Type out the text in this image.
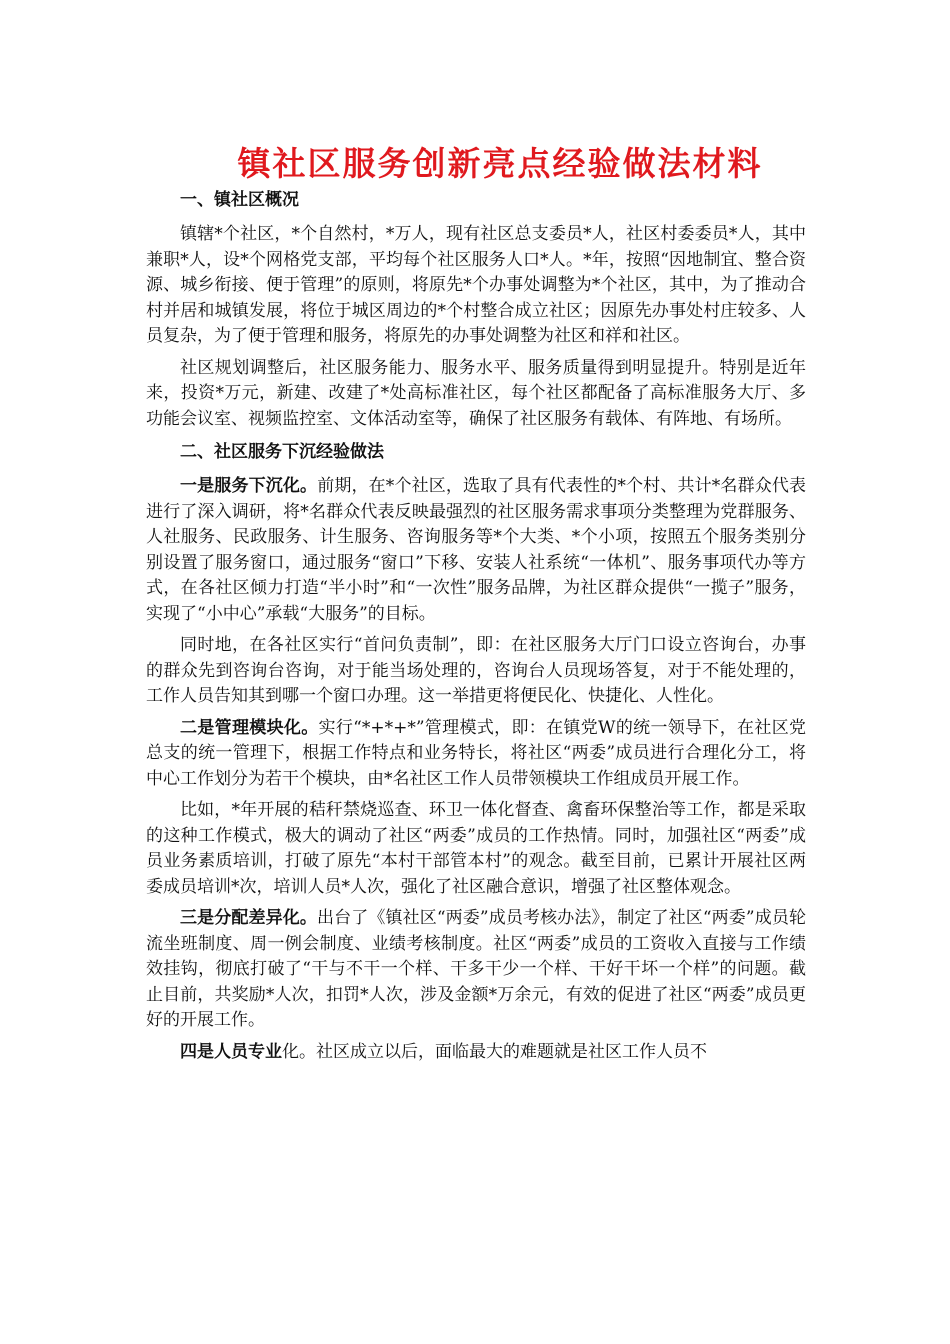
镇社区服务创新亮点经验做法材料
一、镇社区概况

镇辖*个社区，*个自然村，*万人，现有社区总支委员*人，社区村委委员*人，其中兼职*人，设*个网格党支部，平均每个社区服务人口*人。*年，按照“因地制宜、整合资源、城乡衔接、便于管理”的原则，将原先*个办事处调整为*个社区，其中，为了推动合村并居和城镇发展，将位于城区周边的*个村整合成立社区；因原先办事处村庄较多、人员复杂，为了便于管理和服务，将原先的办事处调整为社区和祥和社区。

社区规划调整后，社区服务能力、服务水平、服务质量得到明显提升。特别是近年来，投资*万元，新建、改建了*处高标准社区，每个社区都配备了高标准服务大厅、多功能会议室、视频监控室、文体活动室等，确保了社区服务有载体、有阵地、有场所。

二、社区服务下沉经验做法

一是服务下沉化。前期，在*个社区，选取了具有代表性的*个村、共计*名群众代表进行了深入调研，将*名群众代表反映最强烈的社区服务需求事项分类整理为党群服务、人社服务、民政服务、计生服务、咨询服务等*个大类、*个小项，按照五个服务类别分别设置了服务窗口，通过服务“窗口”下移、安装人社系统“一体机”、服务事项代办等方式，在各社区倾力打造“半小时”和“一次性”服务品牌，为社区群众提供“一揽子”服务，实现了“小中心”承载“大服务”的目标。

同时地，在各社区实行“首问负责制”，即：在社区服务大厅门口设立咨询台，办事的群众先到咨询台咨询，对于能当场处理的，咨询台人员现场答复，对于不能处理的，工作人员告知其到哪一个窗口办理。这一举措更将便民化、快捷化、人性化。

二是管理模块化。实行“*+*+*”管理模式，即：在镇党W的统一领导下，在社区党总支的统一管理下，根据工作特点和业务特长，将社区“两委”成员进行合理化分工，将中心工作划分为若干个模块，由*名社区工作人员带领模块工作组成员开展工作。

比如，*年开展的秸秆禁烧巡查、环卫一体化督查、禽畜环保整治等工作，都是采取的这种工作模式，极大的调动了社区“两委”成员的工作热情。同时，加强社区“两委”成员业务素质培训，打破了原先“本村干部管本村”的观念。截至目前，已累计开展社区两委成员培训*次，培训人员*人次，强化了社区融合意识，增强了社区整体观念。

三是分配差异化。出台了《镇社区“两委”成员考核办法》，制定了社区“两委”成员轮流坐班制度、周一例会制度、业绩考核制度。社区“两委”成员的工资收入直接与工作绩效挂钩，彻底打破了“干与不干一个样、干多干少一个样、干好干坏一个样”的问题。截止目前，共奖励*人次，扣罚*人次，涉及金额*万余元，有效的促进了社区“两委”成员更好的开展工作。

四是人员专业化。社区成立以后，面临最大的难题就是社区工作人员不
